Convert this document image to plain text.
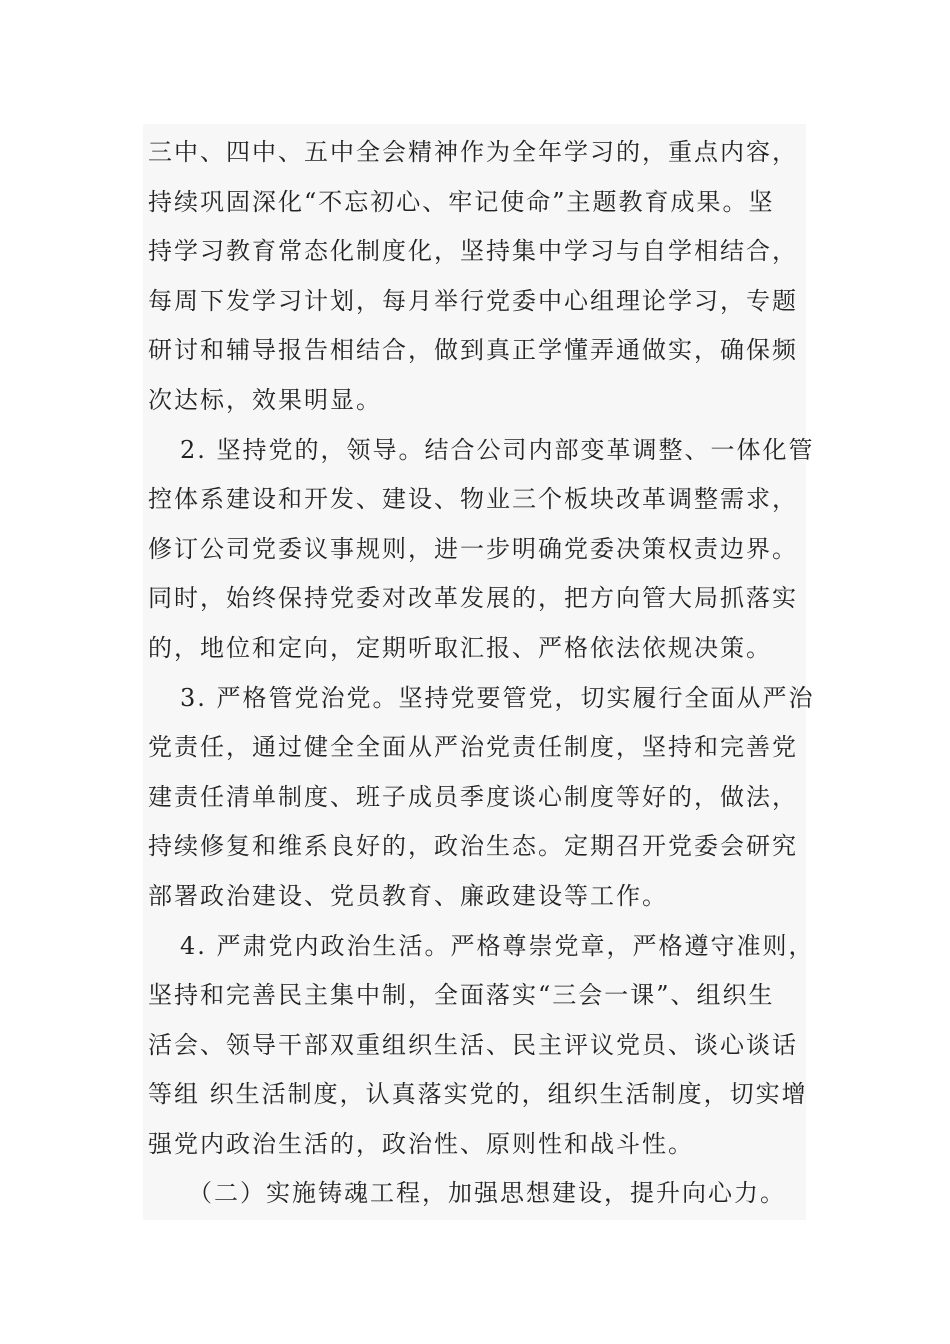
三中、四中、五中全会精神作为全年学习的，重点内容，
持续巩固深化“不忘初心、牢记使命”主题教育成果。坚
持学习教育常态化制度化，坚持集中学习与自学相结合，
每周下发学习计划，每月举行党委中心组理论学习，专题
研讨和辅导报告相结合，做到真正学懂弄通做实，确保频
次达标，效果明显。
2. 坚持党的，领导。结合公司内部变革调整、一体化管
控体系建设和开发、建设、物业三个板块改革调整需求，
修订公司党委议事规则，进一步明确党委决策权责边界。
同时，始终保持党委对改革发展的，把方向管大局抓落实
的，地位和定向，定期听取汇报、严格依法依规决策。
3. 严格管党治党。坚持党要管党，切实履行全面从严治
党责任，通过健全全面从严治党责任制度，坚持和完善党
建责任清单制度、班子成员季度谈心制度等好的，做法，
持续修复和维系良好的，政治生态。定期召开党委会研究
部署政治建设、党员教育、廉政建设等工作。
4. 严肃党内政治生活。严格尊崇党章，严格遵守准则，
坚持和完善民主集中制，全面落实“三会一课”、组织生
活会、领导干部双重组织生活、民主评议党员、谈心谈话
等组 织生活制度，认真落实党的，组织生活制度，切实增
强党内政治生活的，政治性、原则性和战斗性。
（二）实施铸魂工程，加强思想建设，提升向心力。
